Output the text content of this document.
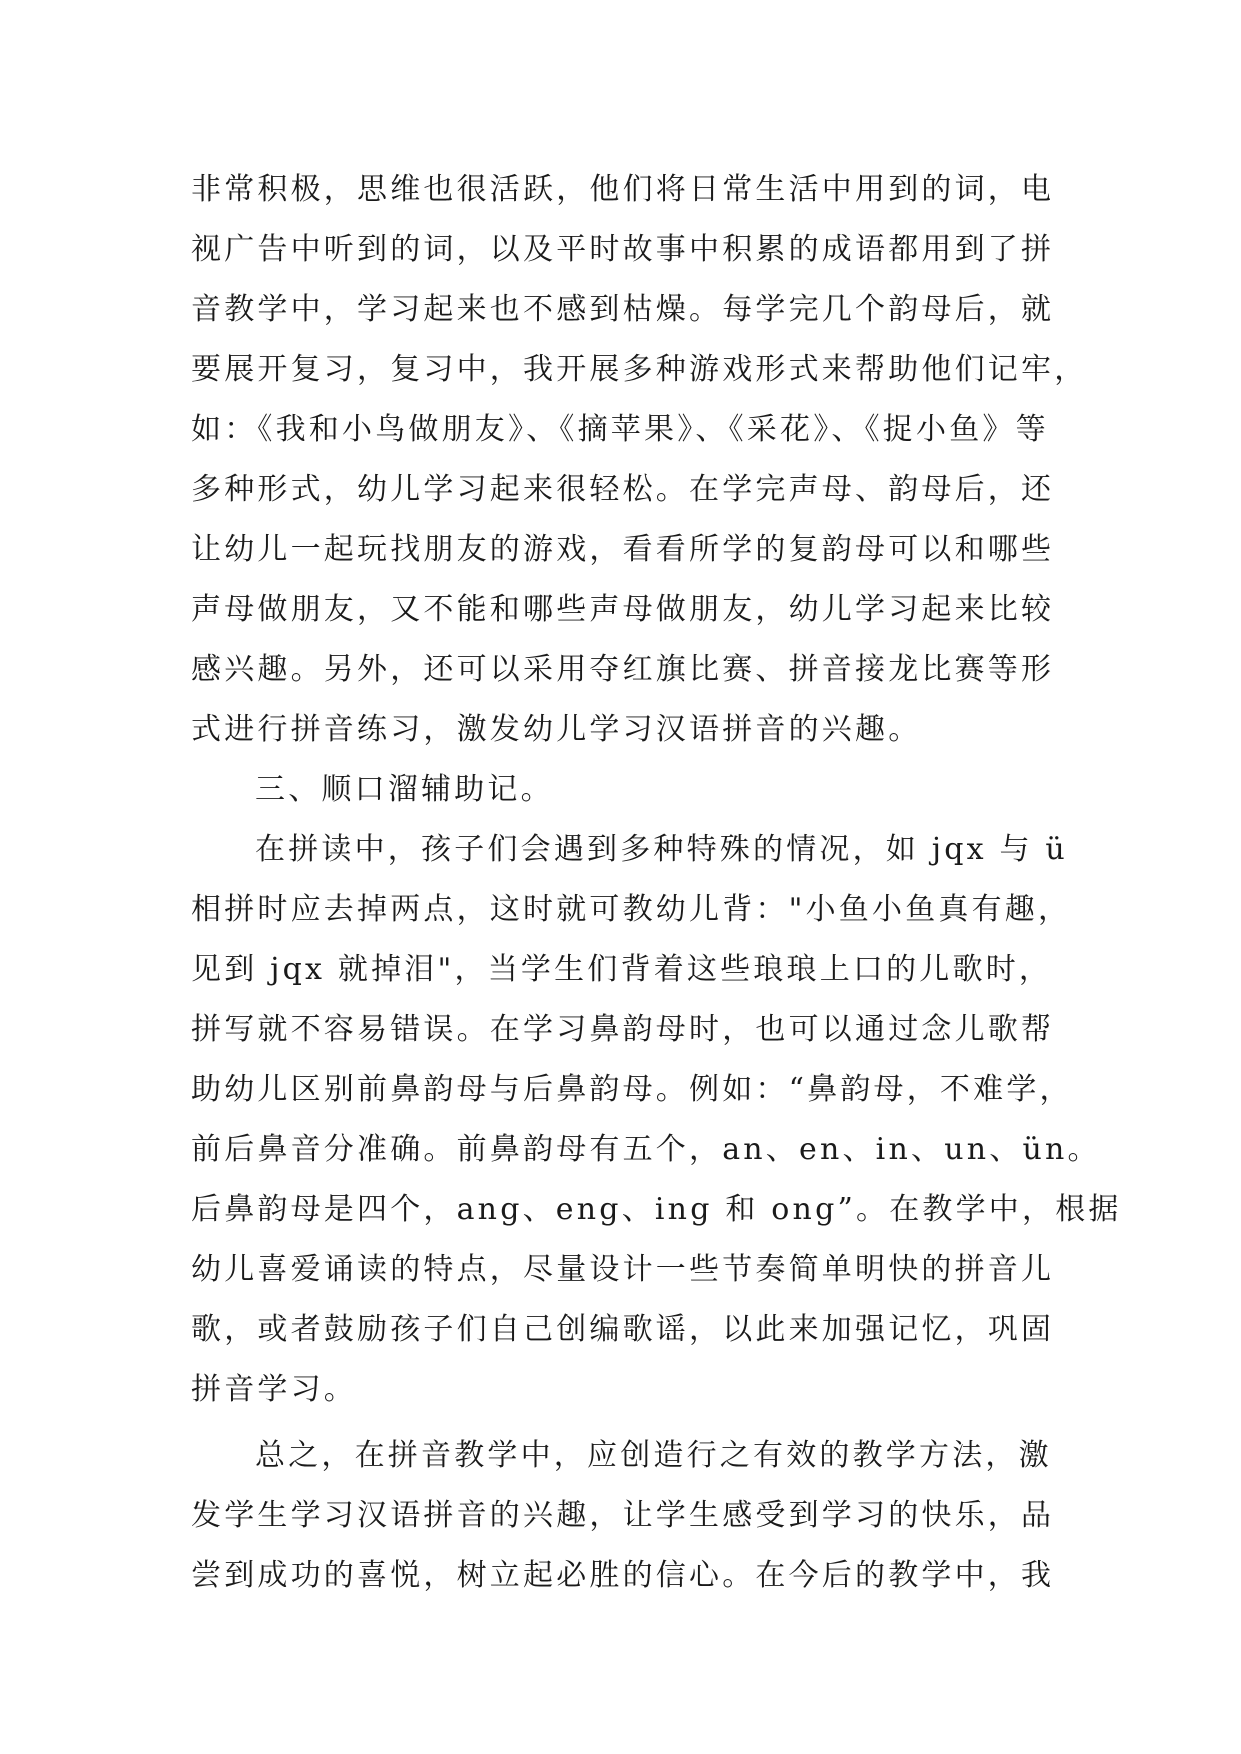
非常积极，思维也很活跃，他们将日常生活中用到的词，电
视广告中听到的词，以及平时故事中积累的成语都用到了拼
音教学中，学习起来也不感到枯燥。每学完几个韵母后，就
要展开复习，复习中，我开展多种游戏形式来帮助他们记牢，
如：《我和小鸟做朋友》、《摘苹果》、《采花》、《捉小鱼》等
多种形式，幼儿学习起来很轻松。在学完声母、韵母后，还
让幼儿一起玩找朋友的游戏，看看所学的复韵母可以和哪些
声母做朋友，又不能和哪些声母做朋友，幼儿学习起来比较
感兴趣。另外，还可以采用夺红旗比赛、拼音接龙比赛等形
式进行拼音练习，激发幼儿学习汉语拼音的兴趣。
三、顺口溜辅助记。
在拼读中，孩子们会遇到多种特殊的情况，如 jqx 与 ü
相拼时应去掉两点，这时就可教幼儿背："小鱼小鱼真有趣，
见到 jqx 就掉泪"，当学生们背着这些琅琅上口的儿歌时，
拼写就不容易错误。在学习鼻韵母时，也可以通过念儿歌帮
助幼儿区别前鼻韵母与后鼻韵母。例如：“鼻韵母，不难学，
前后鼻音分准确。前鼻韵母有五个，an、en、in、un、ün。
后鼻韵母是四个，ang、eng、ing 和 ong”。在教学中，根据
幼儿喜爱诵读的特点，尽量设计一些节奏简单明快的拼音儿
歌，或者鼓励孩子们自己创编歌谣，以此来加强记忆，巩固
拼音学习。
总之，在拼音教学中，应创造行之有效的教学方法，激
发学生学习汉语拼音的兴趣，让学生感受到学习的快乐，品
尝到成功的喜悦，树立起必胜的信心。在今后的教学中，我
